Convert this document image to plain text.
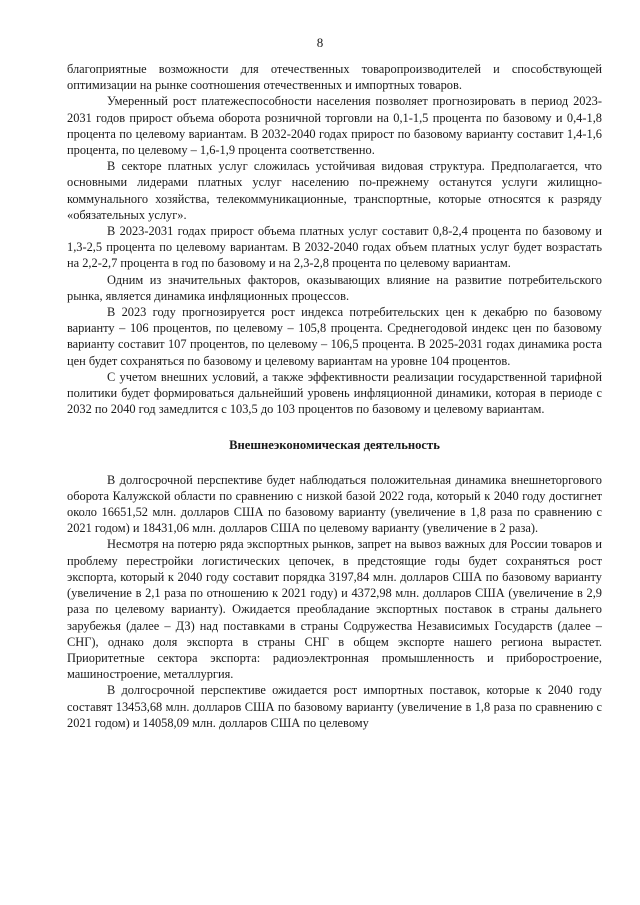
8

благоприятные возможности для отечественных товаропроизводителей и способствующей оптимизации на рынке соотношения отечественных и импортных товаров.

Умеренный рост платежеспособности населения позволяет прогнозировать в период 2023-2031 годов прирост объема оборота розничной торговли на 0,1-1,5 процента по базовому и 0,4-1,8 процента по целевому вариантам. В 2032-2040 годах прирост по базовому варианту составит 1,4-1,6 процента, по целевому – 1,6-1,9 процента соответственно.

В секторе платных услуг сложилась устойчивая видовая структура. Предполагается, что основными лидерами платных услуг населению по-прежнему останутся услуги жилищно-коммунального хозяйства, телекоммуникационные, транспортные, которые относятся к разряду «обязательных услуг».

В 2023-2031 годах прирост объема платных услуг составит 0,8-2,4 процента по базовому и 1,3-2,5 процента по целевому вариантам. В 2032-2040 годах объем платных услуг будет возрастать на 2,2-2,7 процента в год по базовому и на 2,3-2,8 процента по целевому вариантам.

Одним из значительных факторов, оказывающих влияние на развитие потребительского рынка, является динамика инфляционных процессов.

В 2023 году прогнозируется рост индекса потребительских цен к декабрю по базовому варианту – 106 процентов, по целевому – 105,8 процента. Среднегодовой индекс цен по базовому варианту составит 107 процентов, по целевому – 106,5 процента. В 2025-2031 годах динамика роста цен будет сохраняться по базовому и целевому вариантам на уровне 104 процентов.

С учетом внешних условий, а также эффективности реализации государственной тарифной политики будет формироваться дальнейший уровень инфляционной динамики, которая в периоде с 2032 по 2040 год замедлится с 103,5 до 103 процентов по базовому и целевому вариантам.

Внешнеэкономическая деятельность

В долгосрочной перспективе будет наблюдаться положительная динамика внешнеторгового оборота Калужской области по сравнению с низкой базой 2022 года, который к 2040 году достигнет около 16651,52 млн. долларов США по базовому варианту (увеличение в 1,8 раза по сравнению с 2021 годом) и 18431,06 млн. долларов США по целевому варианту (увеличение в 2 раза).

Несмотря на потерю ряда экспортных рынков, запрет на вывоз важных для России товаров и проблему перестройки логистических цепочек, в предстоящие годы будет сохраняться рост экспорта, который к 2040 году составит порядка 3197,84 млн. долларов США по базовому варианту (увеличение в 2,1 раза по отношению к 2021 году) и 4372,98 млн. долларов США (увеличение в 2,9 раза по целевому варианту). Ожидается преобладание экспортных поставок в страны дальнего зарубежья (далее – ДЗ) над поставками в страны Содружества Независимых Государств (далее – СНГ), однако доля экспорта в страны СНГ в общем экспорте нашего региона вырастет. Приоритетные сектора экспорта: радиоэлектронная промышленность и приборостроение, машиностроение, металлургия.

В долгосрочной перспективе ожидается рост импортных поставок, которые к 2040 году составят 13453,68 млн. долларов США по базовому варианту (увеличение в 1,8 раза по сравнению с 2021 годом) и 14058,09 млн. долларов США по целевому
